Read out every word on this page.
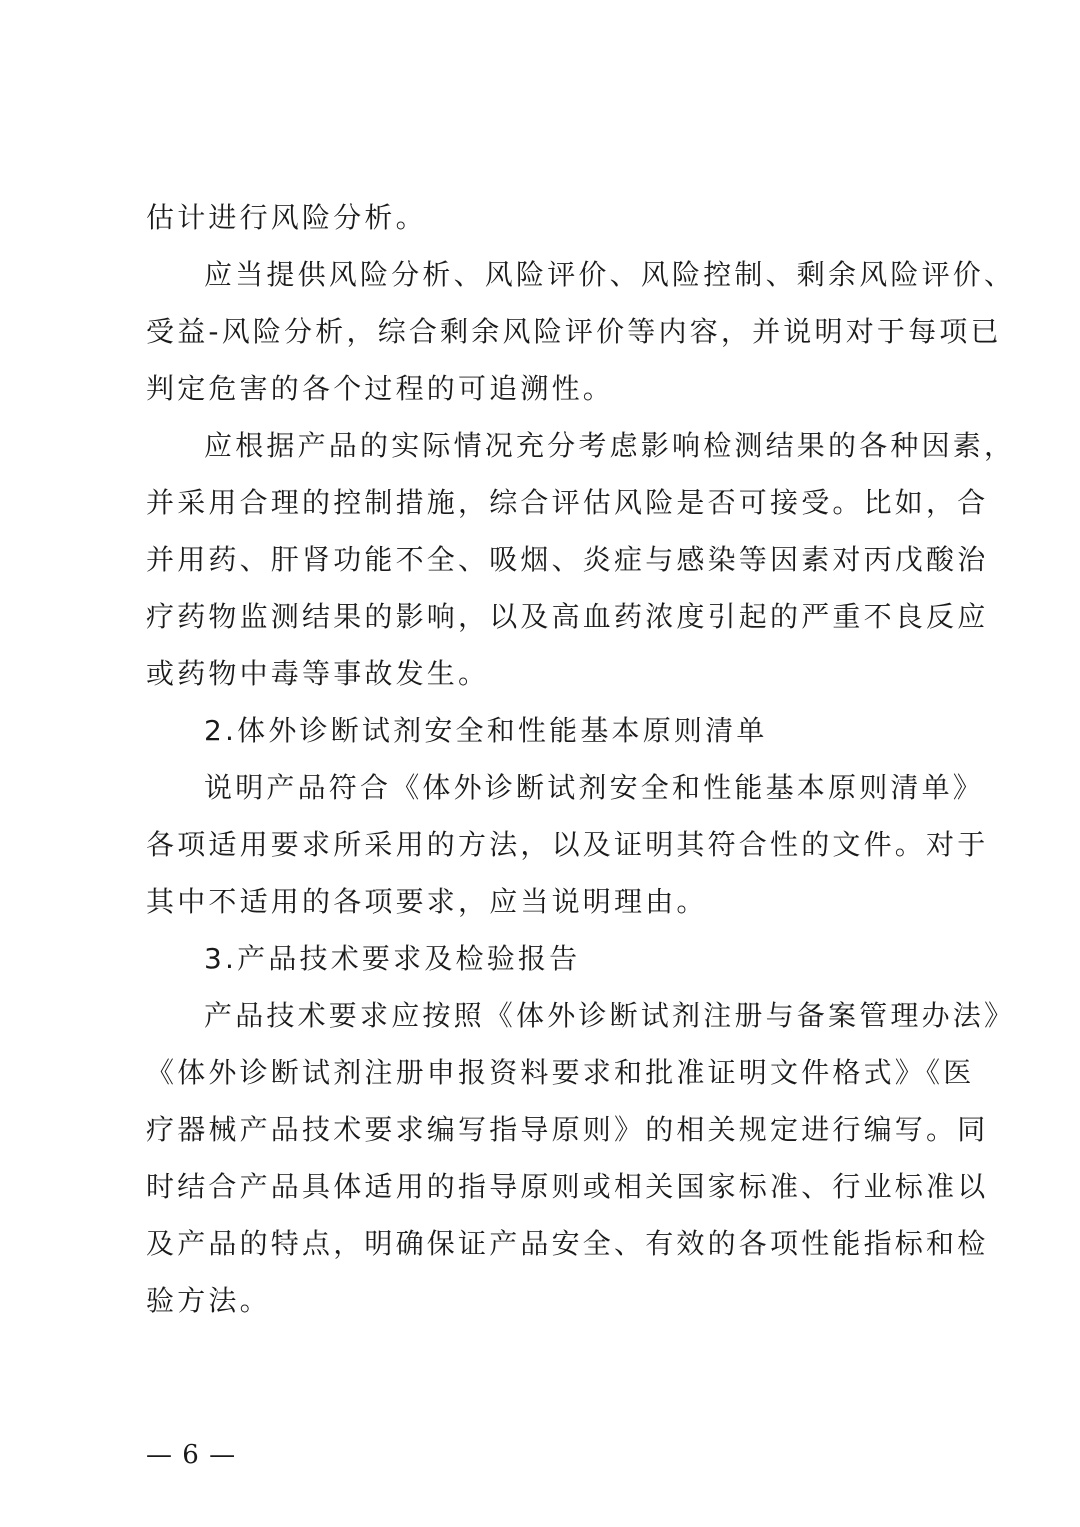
估计进行风险分析。
应当提供风险分析、风险评价、风险控制、剩余风险评价、
受益-风险分析，综合剩余风险评价等内容，并说明对于每项已
判定危害的各个过程的可追溯性。
应根据产品的实际情况充分考虑影响检测结果的各种因素，
并采用合理的控制措施，综合评估风险是否可接受。比如，合
并用药、肝肾功能不全、吸烟、炎症与感染等因素对丙戊酸治
疗药物监测结果的影响，以及高血药浓度引起的严重不良反应
或药物中毒等事故发生。
2.体外诊断试剂安全和性能基本原则清单
说明产品符合《体外诊断试剂安全和性能基本原则清单》
各项适用要求所采用的方法，以及证明其符合性的文件。对于
其中不适用的各项要求，应当说明理由。
3.产品技术要求及检验报告
产品技术要求应按照《体外诊断试剂注册与备案管理办法》
《体外诊断试剂注册申报资料要求和批准证明文件格式》《医
疗器械产品技术要求编写指导原则》的相关规定进行编写。同
时结合产品具体适用的指导原则或相关国家标准、行业标准以
及产品的特点，明确保证产品安全、有效的各项性能指标和检
验方法。
— 6 —
